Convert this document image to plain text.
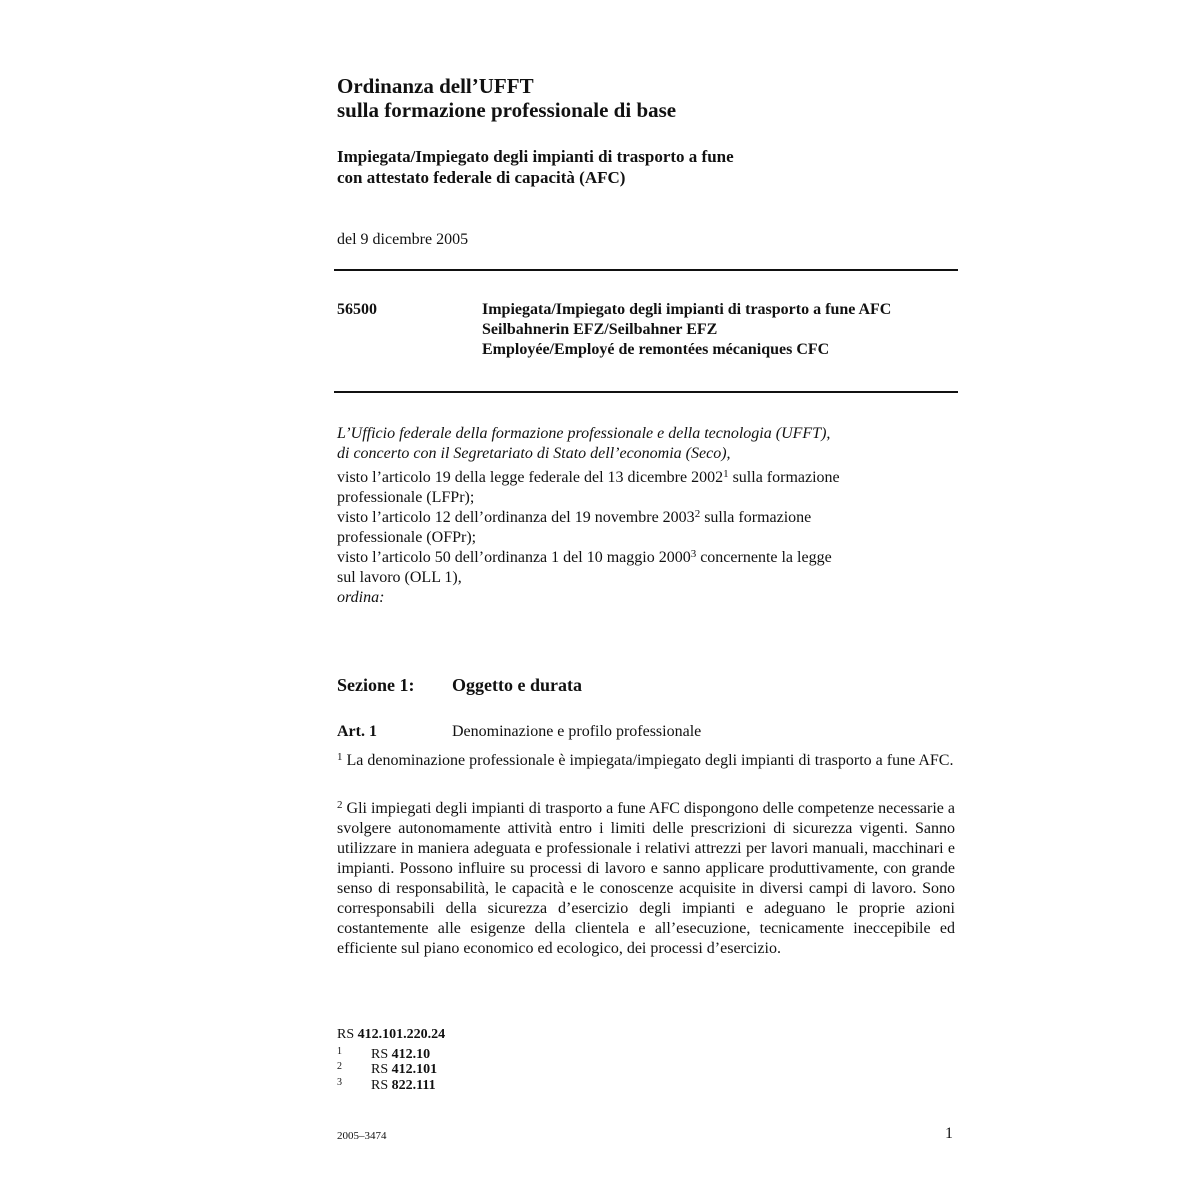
Ordinanza dell’UFFT
sulla formazione professionale di base
Impiegata/Impiegato degli impianti di trasporto a fune
con attestato federale di capacità (AFC)
del 9 dicembre 2005
56500	Impiegata/Impiegato degli impianti di trasporto a fune AFC
Seilbahnerin EFZ/Seilbahner EFZ
Employée/Employé de remontées mécaniques CFC
L’Ufficio federale della formazione professionale e della tecnologia (UFFT),
di concerto con il Segretariato di Stato dell’economia (Seco),
visto l’articolo 19 della legge federale del 13 dicembre 2002$^1$ sulla formazione
professionale (LFPr);
visto l’articolo 12 dell’ordinanza del 19 novembre 2003$^2$ sulla formazione
professionale (OFPr);
visto l’articolo 50 dell’ordinanza 1 del 10 maggio 2000$^3$ concernente la legge
sul lavoro (OLL 1),
ordina:
Sezione 1: Oggetto e durata
Art. 1	Denominazione e profilo professionale
$^1$ La denominazione professionale è impiegata/impiegato degli impianti di trasporto a fune AFC.
$^2$ Gli impiegati degli impianti di trasporto a fune AFC dispongono delle competenze necessarie a svolgere autonomamente attività entro i limiti delle prescrizioni di sicurezza vigenti. Sanno utilizzare in maniera adeguata e professionale i relativi attrezzi per lavori manuali, macchinari e impianti. Possono influire su processi di lavoro e sanno applicare produttivamente, con grande senso di responsabilità, le capacità e le conoscenze acquisite in diversi campi di lavoro. Sono corresponsabili della sicurezza d’esercizio degli impianti e adeguano le proprie azioni costantemente alle esigenze della clientela e all’esecuzione, tecnicamente ineccepibile ed efficiente sul piano economico ed ecologico, dei processi d’esercizio.
RS 412.101.220.24
1 RS 412.10
2 RS 412.101
3 RS 822.111
2005–3474	1
